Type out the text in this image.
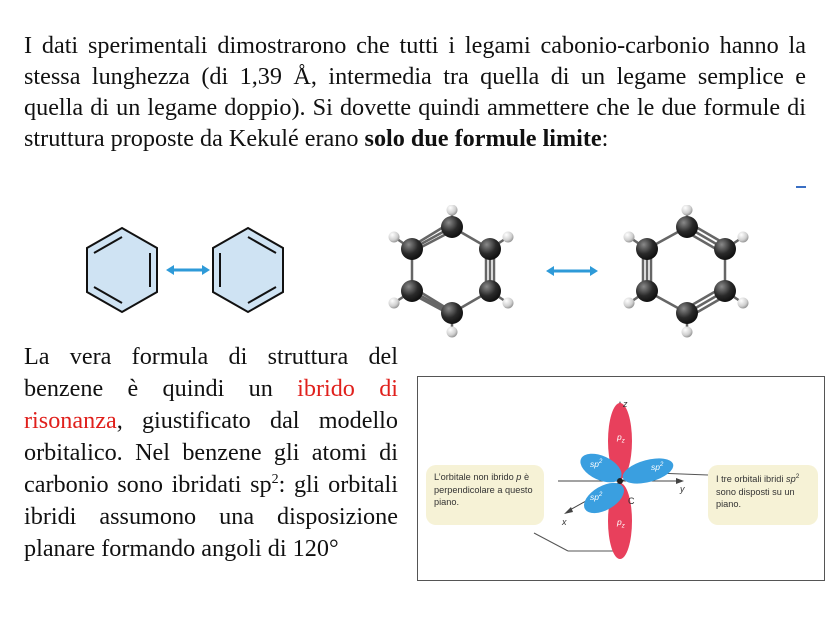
I dati sperimentali dimostrarono che tutti i legami cabonio-carbonio hanno la stessa lunghezza (di 1,39 Å, intermedia tra quella di un legame semplice e quella di un legame doppio). Si dovette quindi ammettere che le due formule di struttura proposte da Kekulé erano solo due formule limite:

La vera formula di struttura del benzene è quindi un ibrido di risonanza, giustificato dal modello orbitalico. Nel benzene gli atomi di carbonio sono ibridati $sp^2$: gli orbitali ibridi assumono una disposizione planare formando angoli di 120°

z
y
x
C
$p_z$
$p_z$
$sp^2$
$sp^2$
$sp^2$
L’orbitale non ibrido p è perpendicolare a questo piano.
I tre orbitali ibridi $sp^2$ sono disposti su un piano.
